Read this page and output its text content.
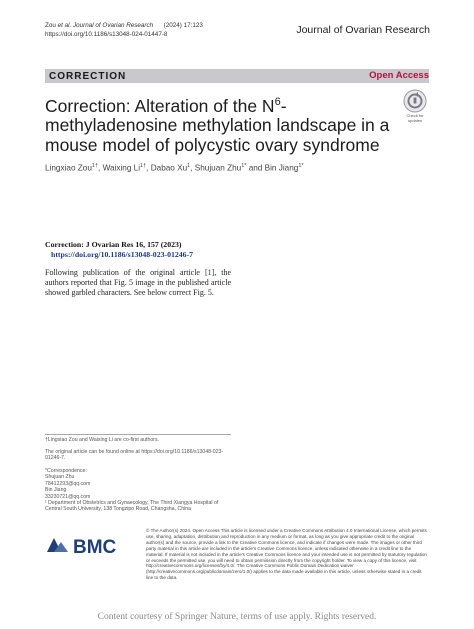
Zou et al. Journal of Ovarian Research (2024) 17:123
https://doi.org/10.1186/s13048-024-01447-8	Journal of Ovarian Research
CORRECTION	Open Access
Correction: Alteration of the $N^6$-methyladenosine methylation landscape in a mouse model of polycystic ovary syndrome
Check for updates
Lingxiao Zou$^{1\dagger}$, Waixing $Li^{1\dagger}$, Dabao Xu$^1$, Shujuan Zhu$^{1*}$ and Bin Jiang$^{1*}$
Correction: J Ovarian Res 16, 157 (2023)
https://doi.org/10.1186/s13048-023-01246-7
Following publication of the original article [1], the authors reported that Fig. 5 image in the published article showed garbled characters. See below correct Fig. 5.
†Lingxiao Zou and Waixing Li are co-first authors.
The original article can be found online at https://doi.org/10.1186/s13048-023-01246-7.
*Correspondence:
Shujuan Zhu
78412293@qq.com
Bin Jiang
33230721@qq.com
¹ Department of Obstetrics and Gynaecology, The Third Xiangya Hospital of Central South University, 138 Tongzipo Road, Changsha, China
BMC
© The Author(s) 2024. Open Access This article is licensed under a Creative Commons Attribution 4.0 International License, which permits use, sharing, adaptation, distribution and reproduction in any medium or format, as long as you give appropriate credit to the original author(s) and the source, provide a link to the Creative Commons licence, and indicate if changes were made. The images or other third party material in this article are included in the article's Creative Commons licence, unless indicated otherwise in a credit line to the material. If material is not included in the article's Creative Commons licence and your intended use is not permitted by statutory regulation or exceeds the permitted use, you will need to obtain permission directly from the copyright holder. To view a copy of this licence, visit http://creativecommons.org/licenses/by/4.0/. The Creative Commons Public Domain Dedication waiver (http://creativecommons.org/publicdomain/zero/1.0/) applies to the data made available in this article, unless otherwise stated in a credit line to the data.
Content courtesy of Springer Nature, terms of use apply. Rights reserved.
